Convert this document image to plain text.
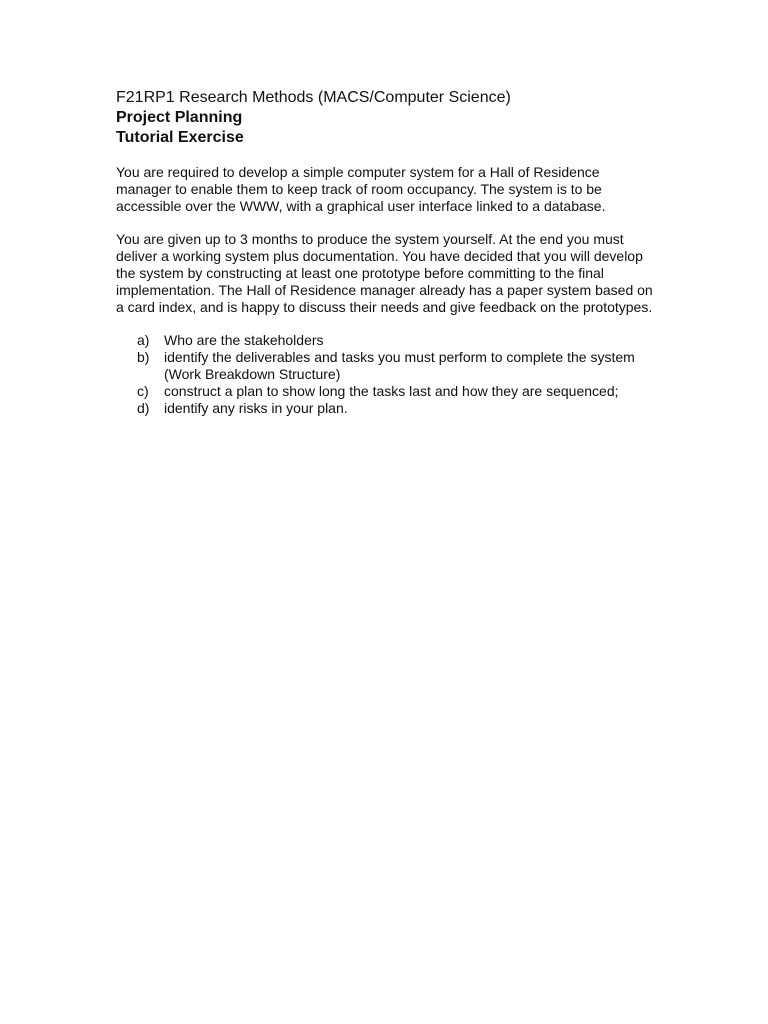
F21RP1 Research Methods (MACS/Computer Science)
Project Planning
Tutorial Exercise

You are required to develop a simple computer system for a Hall of Residence manager to enable them to keep track of room occupancy. The system is to be accessible over the WWW, with a graphical user interface linked to a database.

You are given up to 3 months to produce the system yourself. At the end you must deliver a working system plus documentation. You have decided that you will develop the system by constructing at least one prototype before committing to the final implementation. The Hall of Residence manager already has a paper system based on a card index, and is happy to discuss their needs and give feedback on the prototypes.

a)	Who are the stakeholders
b)	identify the deliverables and tasks you must perform to complete the system (Work Breakdown Structure)
c)	construct a plan to show long the tasks last and how they are sequenced;
d)	identify any risks in your plan.
